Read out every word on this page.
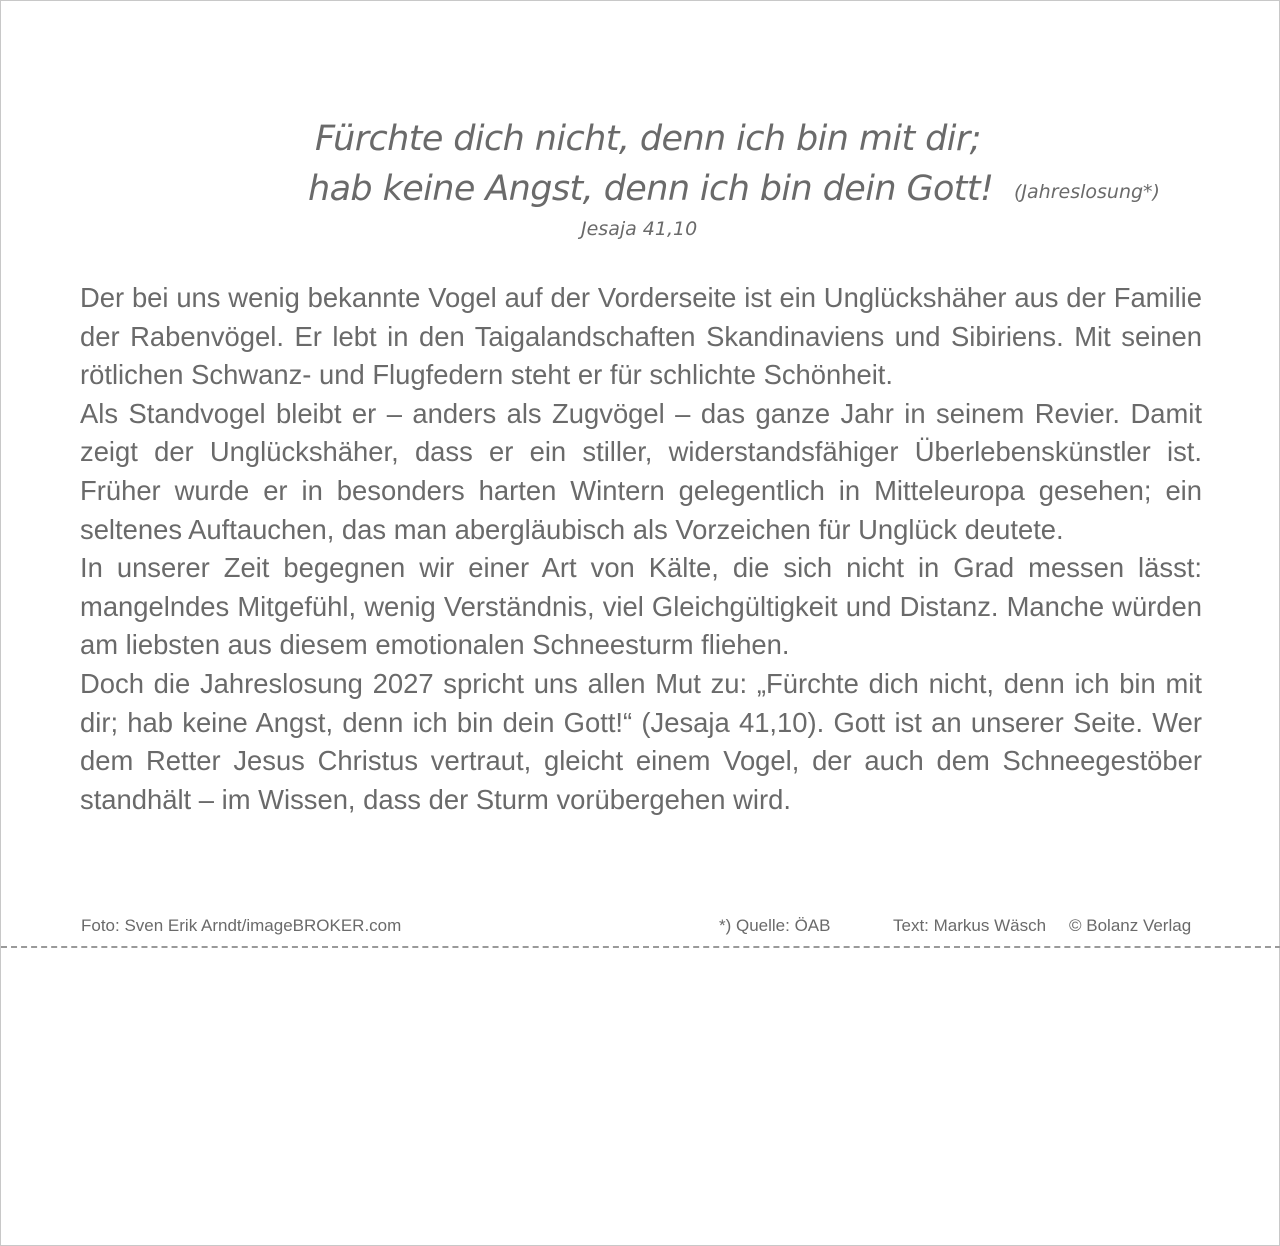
Fürchte dich nicht, denn ich bin mit dir;
hab keine Angst, denn ich bin dein Gott! (Jahreslosung*)
Jesaja 41,10

Der bei uns wenig bekannte Vogel auf der Vorderseite ist ein Unglückshäher aus der Familie der Rabenvögel. Er lebt in den Taigalandschaften Skandinaviens und Sibiriens. Mit seinen rötlichen Schwanz- und Flugfedern steht er für schlichte Schönheit.

Als Standvogel bleibt er – anders als Zugvögel – das ganze Jahr in seinem Revier. Damit zeigt der Unglückshäher, dass er ein stiller, widerstandsfähiger Überlebenskünstler ist. Früher wurde er in besonders harten Wintern gelegentlich in Mitteleuropa gesehen; ein seltenes Auftauchen, das man abergläubisch als Vorzeichen für Unglück deutete.

In unserer Zeit begegnen wir einer Art von Kälte, die sich nicht in Grad messen lässt: mangelndes Mitgefühl, wenig Verständnis, viel Gleichgültigkeit und Distanz. Manche würden am liebsten aus diesem emotionalen Schneesturm fliehen.

Doch die Jahreslosung 2027 spricht uns allen Mut zu: „Fürchte dich nicht, denn ich bin mit dir; hab keine Angst, denn ich bin dein Gott!“ (Jesaja 41,10). Gott ist an unserer Seite. Wer dem Retter Jesus Christus vertraut, gleicht einem Vogel, der auch dem Schneegestöber standhält – im Wissen, dass der Sturm vorübergehen wird.

Foto: Sven Erik Arndt/imageBROKER.com	*) Quelle: ÖAB	Text: Markus Wäsch © Bolanz Verlag
